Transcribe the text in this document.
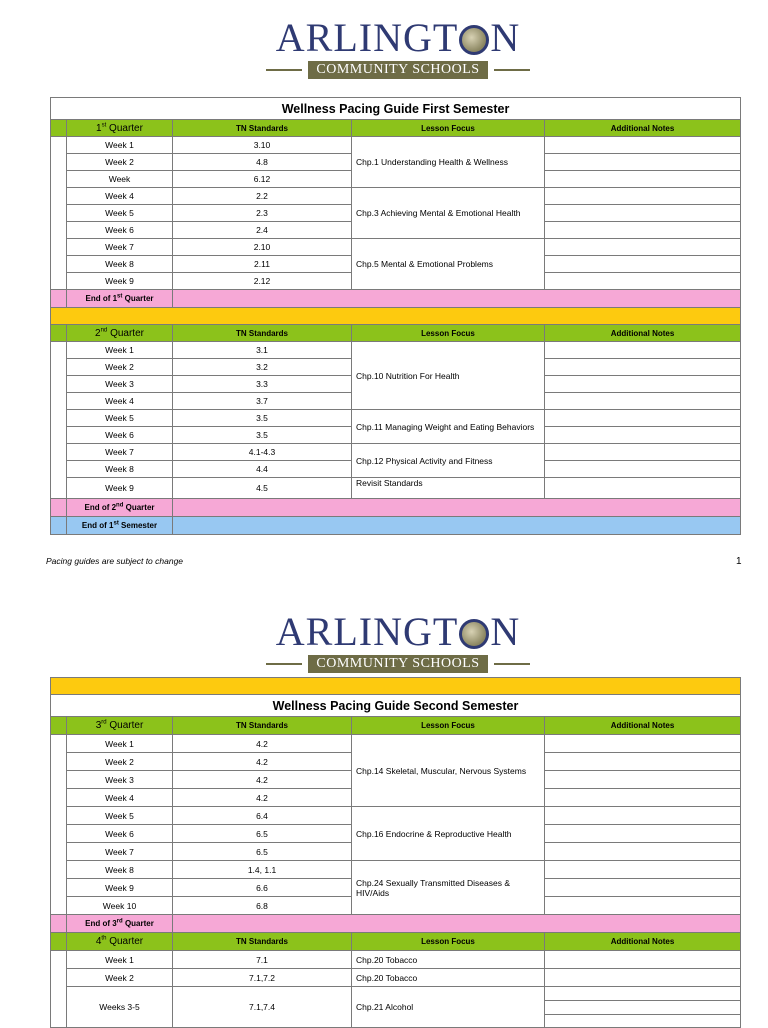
ARLINGT N
COMMUNITY SCHOOLS
Wellness Pacing Guide First Semester				
	1st Quarter	TN Standards	Lesson Focus	Additional Notes
	Week 1	3.10	Chp.1 Understanding Health & Wellness	
	Week 2	4.8		
	Week	6.12		
	Week 4	2.2	Chp.3 Achieving Mental & Emotional Health	
	Week 5	2.3		
	Week 6	2.4		
	Week 7	2.10	Chp.5 Mental & Emotional Problems	
	Week 8	2.11		
	Week 9	2.12		
	End of 1st Quarter			

	2nd Quarter	TN Standards	Lesson Focus	Additional Notes
	Week 1	3.1	Chp.10 Nutrition For Health	
	Week 2	3.2		
	Week 3	3.3		
	Week 4	3.7		
	Week 5	3.5	Chp.11 Managing Weight and Eating Behaviors	
	Week 6	3.5		
	Week 7	4.1-4.3	Chp.12 Physical Activity and Fitness	
	Week 8	4.4		
	Week 9	4.5	Revisit Standards	
	End of 2nd Quarter			
	End of 1st Semester			
Pacing guides are subject to change	1
ARLINGT N
COMMUNITY SCHOOLS

Wellness Pacing Guide Second Semester				
	3rd Quarter	TN Standards	Lesson Focus	Additional Notes
	Week 1	4.2	Chp.14 Skeletal, Muscular, Nervous Systems	
	Week 2	4.2		
	Week 3	4.2		
	Week 4	4.2		
	Week 5	6.4	Chp.16 Endocrine & Reproductive Health	
	Week 6	6.5		
	Week 7	6.5		
	Week 8	1.4, 1.1	Chp.24 Sexually Transmitted Diseases & HIV/Aids	
	Week 9	6.6		
	Week 10	6.8		
	End of 3rd Quarter			
	4th Quarter	TN Standards	Lesson Focus	Additional Notes
	Week 1	7.1	Chp.20 Tobacco	
	Week 2	7.1,7.2	Chp.20 Tobacco	
	Weeks 3-5	7.1,7.4	Chp.21 Alcohol	
